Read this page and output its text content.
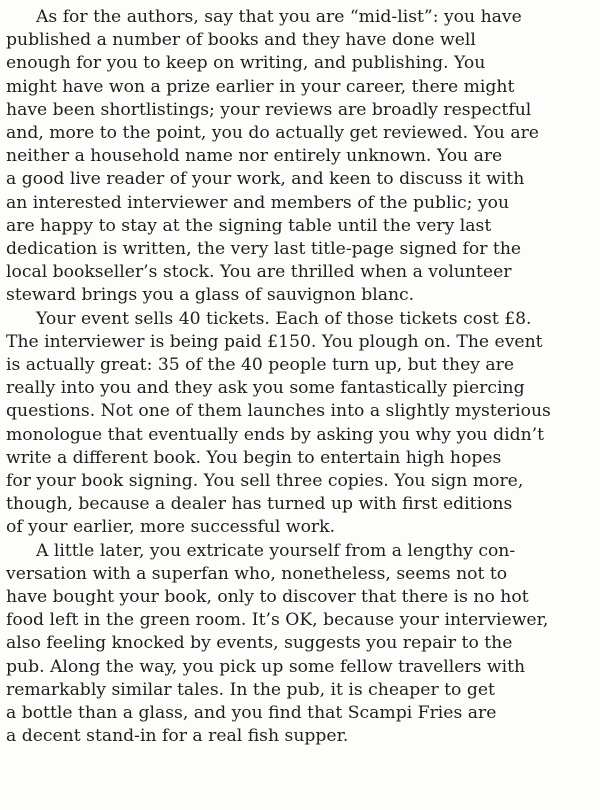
As for the authors, say that you are “mid-list”: you have
published a number of books and they have done well
enough for you to keep on writing, and publishing. You
might have won a prize earlier in your career, there might
have been shortlistings; your reviews are broadly respectful
and, more to the point, you do actually get reviewed. You are
neither a household name nor entirely unknown. You are
a good live reader of your work, and keen to discuss it with
an interested interviewer and members of the public; you
are happy to stay at the signing table until the very last
dedication is written, the very last title-page signed for the
local bookseller’s stock. You are thrilled when a volunteer
steward brings you a glass of sauvignon blanc.

Your event sells 40 tickets. Each of those tickets cost £8.
The interviewer is being paid £150. You plough on. The event
is actually great: 35 of the 40 people turn up, but they are
really into you and they ask you some fantastically piercing
questions. Not one of them launches into a slightly mysterious
monologue that eventually ends by asking you why you didn’t
write a different book. You begin to entertain high hopes
for your book signing. You sell three copies. You sign more,
though, because a dealer has turned up with first editions
of your earlier, more successful work.

A little later, you extricate yourself from a lengthy con-
versation with a superfan who, nonetheless, seems not to
have bought your book, only to discover that there is no hot
food left in the green room. It’s OK, because your interviewer,
also feeling knocked by events, suggests you repair to the
pub. Along the way, you pick up some fellow travellers with
remarkably similar tales. In the pub, it is cheaper to get
a bottle than a glass, and you find that Scampi Fries are
a decent stand-in for a real fish supper.
